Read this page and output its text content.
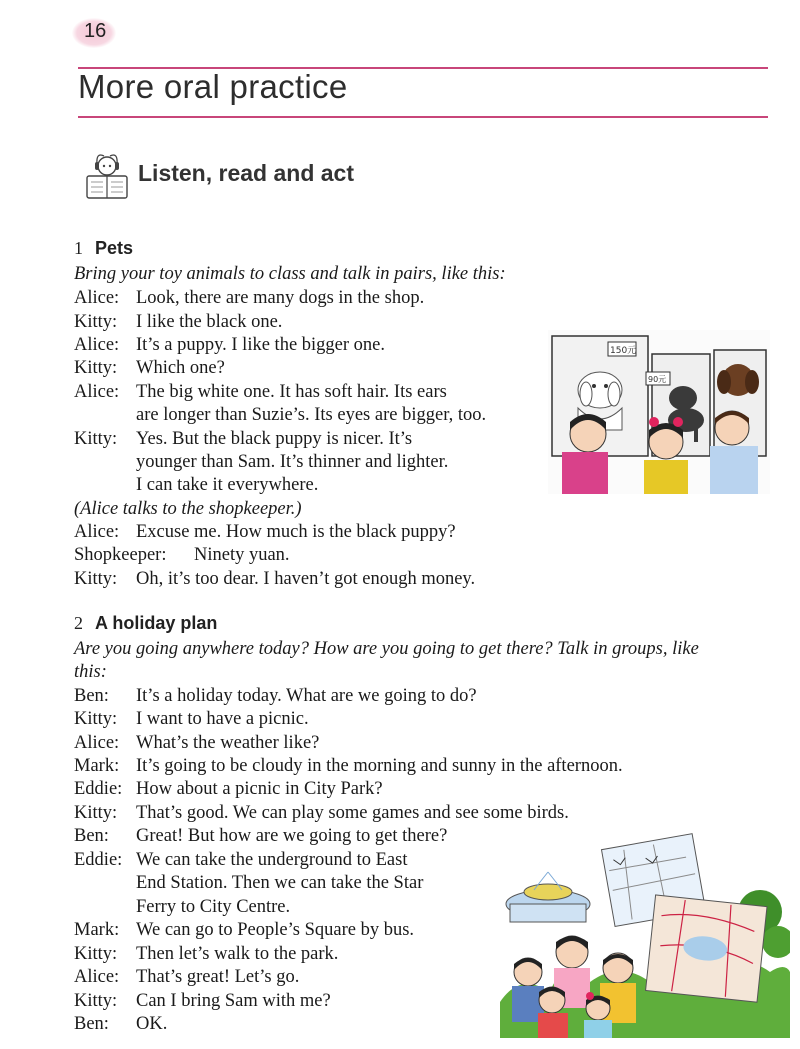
16
More oral practice
Listen, read and act
1 Pets
Bring your toy animals to class and talk in pairs, like this:
Alice: Look, there are many dogs in the shop.
Kitty: I like the black one.
Alice: It’s a puppy. I like the bigger one.
Kitty: Which one?
Alice: The big white one. It has soft hair. Its ears
are longer than Suzie’s. Its eyes are bigger, too.
Kitty: Yes. But the black puppy is nicer. It’s
younger than Sam. It’s thinner and lighter.
I can take it everywhere.
(Alice talks to the shopkeeper.)
Alice: Excuse me. How much is the black puppy?
Shopkeeper: Ninety yuan.
Kitty: Oh, it’s too dear. I haven’t got enough money.
150元
90元
2 A holiday plan
Are you going anywhere today? How are you going to get there? Talk in groups, like
this:
Ben: It’s a holiday today. What are we going to do?
Kitty: I want to have a picnic.
Alice: What’s the weather like?
Mark: It’s going to be cloudy in the morning and sunny in the afternoon.
Eddie: How about a picnic in City Park?
Kitty: That’s good. We can play some games and see some birds.
Ben: Great! But how are we going to get there?
Eddie: We can take the underground to East
End Station. Then we can take the Star
Ferry to City Centre.
Mark: We can go to People’s Square by bus.
Kitty: Then let’s walk to the park.
Alice: That’s great! Let’s go.
Kitty: Can I bring Sam with me?
Ben: OK.
